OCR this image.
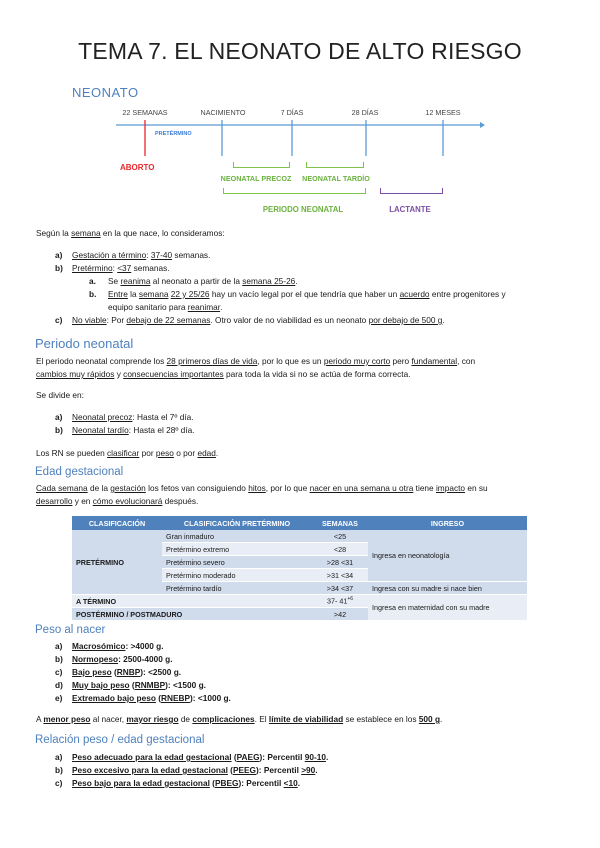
TEMA 7. EL NEONATO DE ALTO RIESGO
NEONATO
22 SEMANAS	NACIMIENTO	7 DÍAS	28 DÍAS	12 MESES
PRETÉRMINO
ABORTO
NEONATAL PRECOZ	NEONATAL TARDÍO
PERIODO NEONATAL	LACTANTE
Según la semana en la que nace, lo consideramos:
a) Gestación a término: 37-40 semanas.
b) Pretérmino: <37 semanas.
a. Se reanima al neonato a partir de la semana 25-26.
b. Entre la semana 22 y 25/26 hay un vacío legal por el que tendría que haber un acuerdo entre progenitores y
equipo sanitario para reanimar.
c) No viable: Por debajo de 22 semanas. Otro valor de no viabilidad es un neonato por debajo de 500 g.
Periodo neonatal
El periodo neonatal comprende los 28 primeros días de vida, por lo que es un periodo muy corto pero fundamental, con
cambios muy rápidos y consecuencias importantes para toda la vida si no se actúa de forma correcta.
Se divide en:
a) Neonatal precoz: Hasta el 7º día.
b) Neonatal tardío: Hasta el 28º día.
Los RN se pueden clasificar por peso o por edad.
Edad gestacional
Cada semana de la gestación los fetos van consiguiendo hitos, por lo que nacer en una semana u otra tiene impacto en su
desarrollo y en cómo evolucionará después.
CLASIFICACIÓN	CLASIFICACIÓN PRETÉRMINO	SEMANAS	INGRESO
PRETÉRMINO	Gran inmaduro	<25	Ingresa en neonatología
	Pretérmino extremo	<28	
	Pretérmino severo	>28 <31	
	Pretérmino moderado	>31 <34	
	Pretérmino tardío	>34 <37	Ingresa con su madre si nace bien
A TÉRMINO		37- $41^{+6}$	Ingresa en maternidad con su madre
POSTÉRMINO / POSTMADURO		>42	
Peso al nacer
a) Macrosómico: >4000 g.
b) Normopeso: 2500-4000 g.
c) Bajo peso (RNBP): <2500 g.
d) Muy bajo peso (RNMBP): <1500 g.
e) Extremado bajo peso (RNEBP): <1000 g.
A menor peso al nacer, mayor riesgo de complicaciones. El límite de viabilidad se establece en los 500 g.
Relación peso / edad gestacional
a) Peso adecuado para la edad gestacional (PAEG): Percentil 90-10.
b) Peso excesivo para la edad gestacional (PEEG): Percentil >90.
c) Peso bajo para la edad gestacional (PBEG): Percentil <10.
